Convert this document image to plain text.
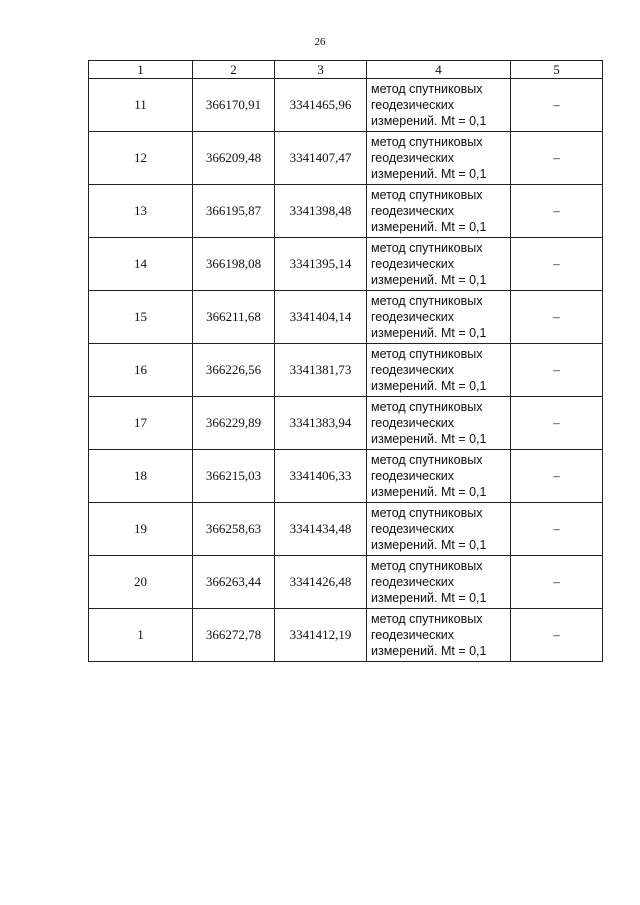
26
1	2	3	4	5
11	366170,91	3341465,96	метод спутниковых
геодезических
измерений. Mt = 0,1	–
12	366209,48	3341407,47	метод спутниковых
геодезических
измерений. Mt = 0,1	–
13	366195,87	3341398,48	метод спутниковых
геодезических
измерений. Mt = 0,1	–
14	366198,08	3341395,14	метод спутниковых
геодезических
измерений. Mt = 0,1	–
15	366211,68	3341404,14	метод спутниковых
геодезических
измерений. Mt = 0,1	–
16	366226,56	3341381,73	метод спутниковых
геодезических
измерений. Mt = 0,1	–
17	366229,89	3341383,94	метод спутниковых
геодезических
измерений. Mt = 0,1	–
18	366215,03	3341406,33	метод спутниковых
геодезических
измерений. Mt = 0,1	–
19	366258,63	3341434,48	метод спутниковых
геодезических
измерений. Mt = 0,1	–
20	366263,44	3341426,48	метод спутниковых
геодезических
измерений. Mt = 0,1	–
1	366272,78	3341412,19	метод спутниковых
геодезических
измерений. Mt = 0,1	–
